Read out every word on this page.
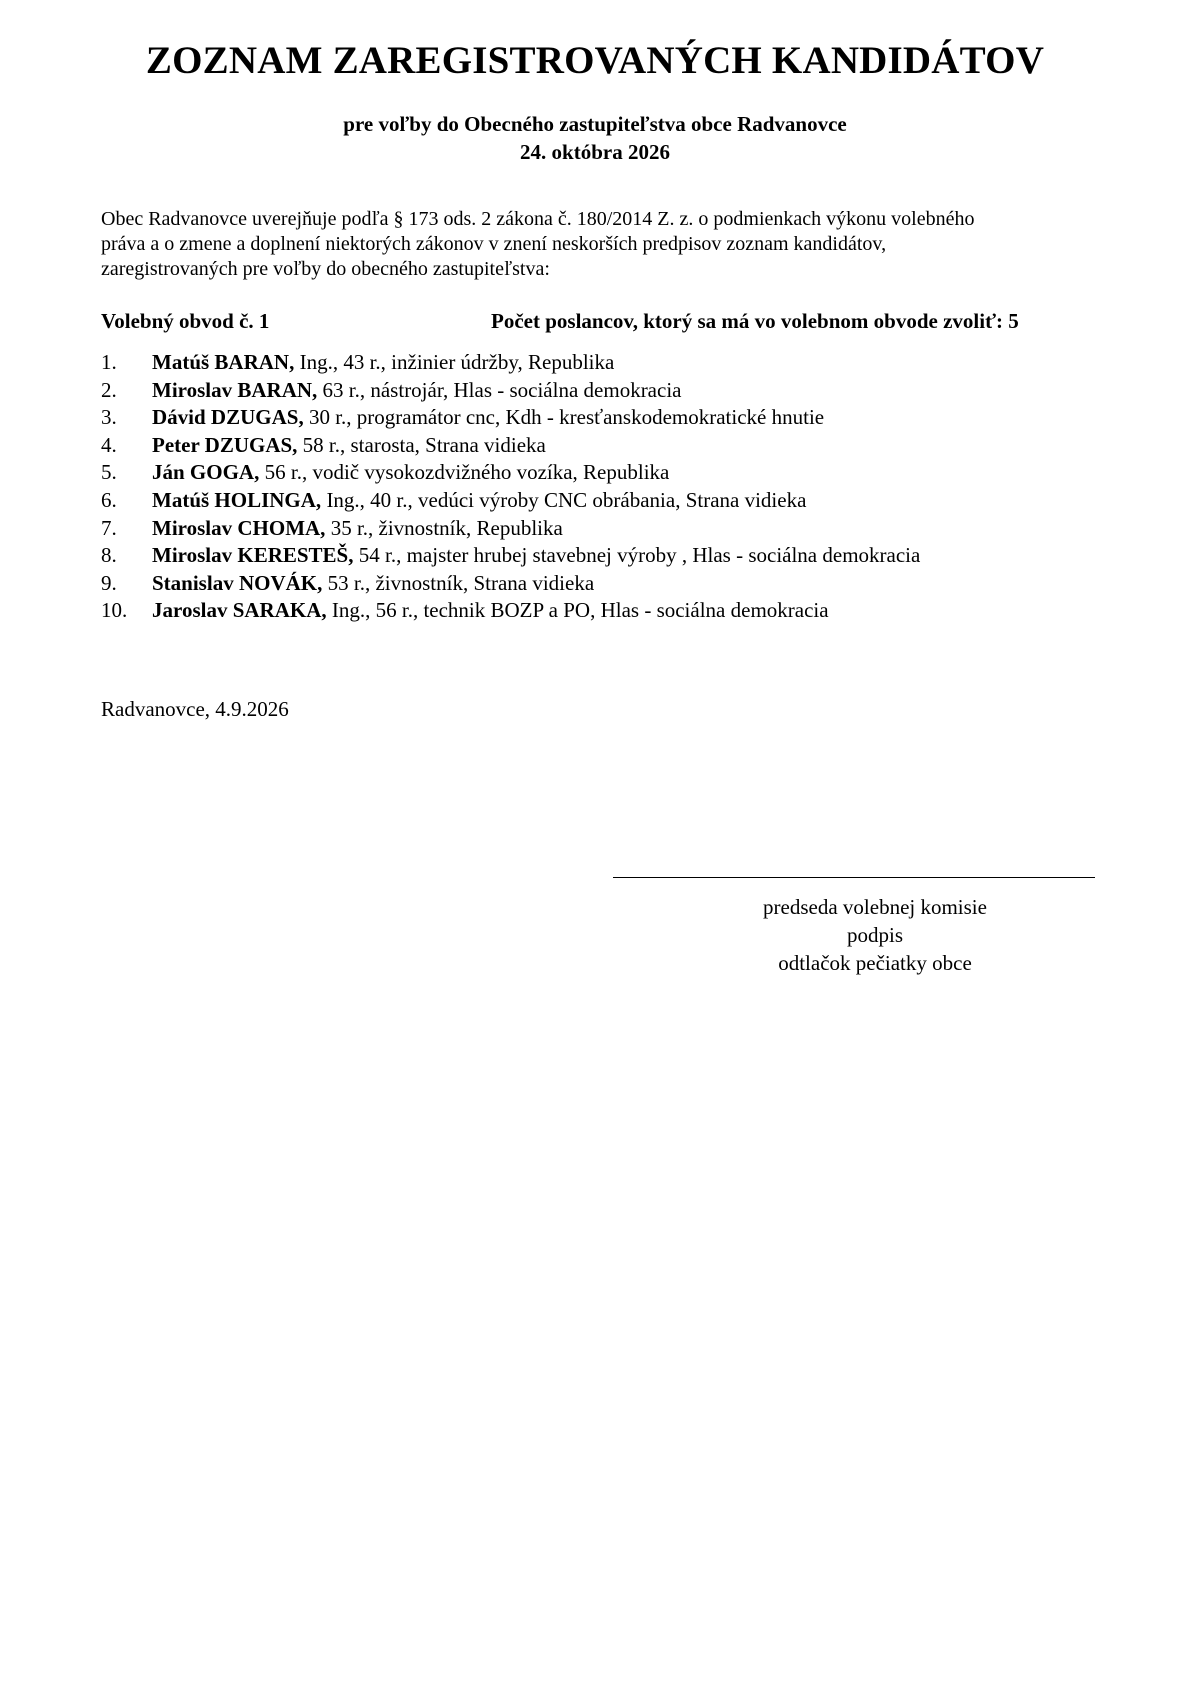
ZOZNAM ZAREGISTROVANÝCH KANDIDÁTOV
pre voľby do Obecného zastupiteľstva obce Radvanovce
24. októbra 2026
Obec Radvanovce uverejňuje podľa § 173 ods. 2 zákona č. 180/2014 Z. z. o podmienkach výkonu volebného
práva a o zmene a doplnení niektorých zákonov v znení neskorších predpisov zoznam kandidátov,
zaregistrovaných pre voľby do obecného zastupiteľstva:
Volebný obvod č. 1	Počet poslancov, ktorý sa má vo volebnom obvode zvoliť: 5
1. Matúš BARAN, Ing., 43 r., inžinier údržby, Republika
2. Miroslav BARAN, 63 r., nástrojár, Hlas - sociálna demokracia
3. Dávid DZUGAS, 30 r., programátor cnc, Kdh - kresťanskodemokratické hnutie
4. Peter DZUGAS, 58 r., starosta, Strana vidieka
5. Ján GOGA, 56 r., vodič vysokozdvižného vozíka, Republika
6. Matúš HOLINGA, Ing., 40 r., vedúci výroby CNC obrábania, Strana vidieka
7. Miroslav CHOMA, 35 r., živnostník, Republika
8. Miroslav KERESTEŠ, 54 r., majster hrubej stavebnej výroby , Hlas - sociálna demokracia
9. Stanislav NOVÁK, 53 r., živnostník, Strana vidieka
10. Jaroslav SARAKA, Ing., 56 r., technik BOZP a PO, Hlas - sociálna demokracia
Radvanovce, 4.9.2026
predseda volebnej komisie
podpis
odtlačok pečiatky obce
